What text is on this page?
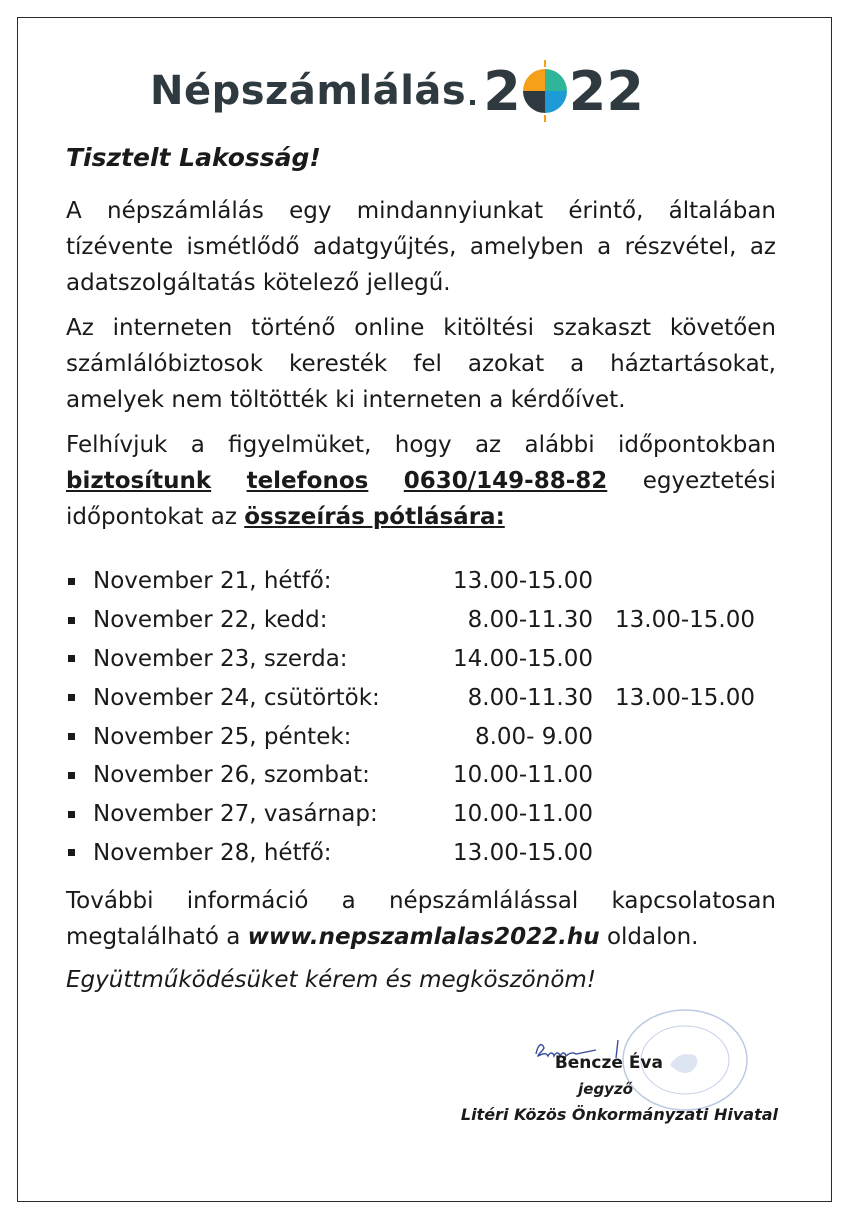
Népszámlálás 2 22
Tisztelt Lakosság!
A népszámlálás egy mindannyiunkat érintő, általában tízévente ismétlődő adatgyűjtés, amelyben a részvétel, az adatszolgáltatás kötelező jellegű.
Az interneten történő online kitöltési szakaszt követően számlálóbiztosok keresték fel azokat a háztartásokat, amelyek nem töltötték ki interneten a kérdőívet.
Felhívjuk a figyelmüket, hogy az alábbi időpontokban
biztosítunk telefonos 0630/149-88-82 egyeztetési
időpontokat az összeírás pótlására:
November 21, hétfő:	13.00-15.00
November 22, kedd:	8.00-11.30 13.00-15.00
November 23, szerda:	14.00-15.00
November 24, csütörtök:	8.00-11.30 13.00-15.00
November 25, péntek:	8.00- 9.00
November 26, szombat:	10.00-11.00
November 27, vasárnap:	10.00-11.00
November 28, hétfő:	13.00-15.00
További információ a népszámlálással kapcsolatosan
megtalálható a www.nepszamlalas2022.hu oldalon.
Együttműködésüket kérem és megköszönöm!
Bencze Éva
jegyző
Litéri Közös Önkormányzati Hivatal
